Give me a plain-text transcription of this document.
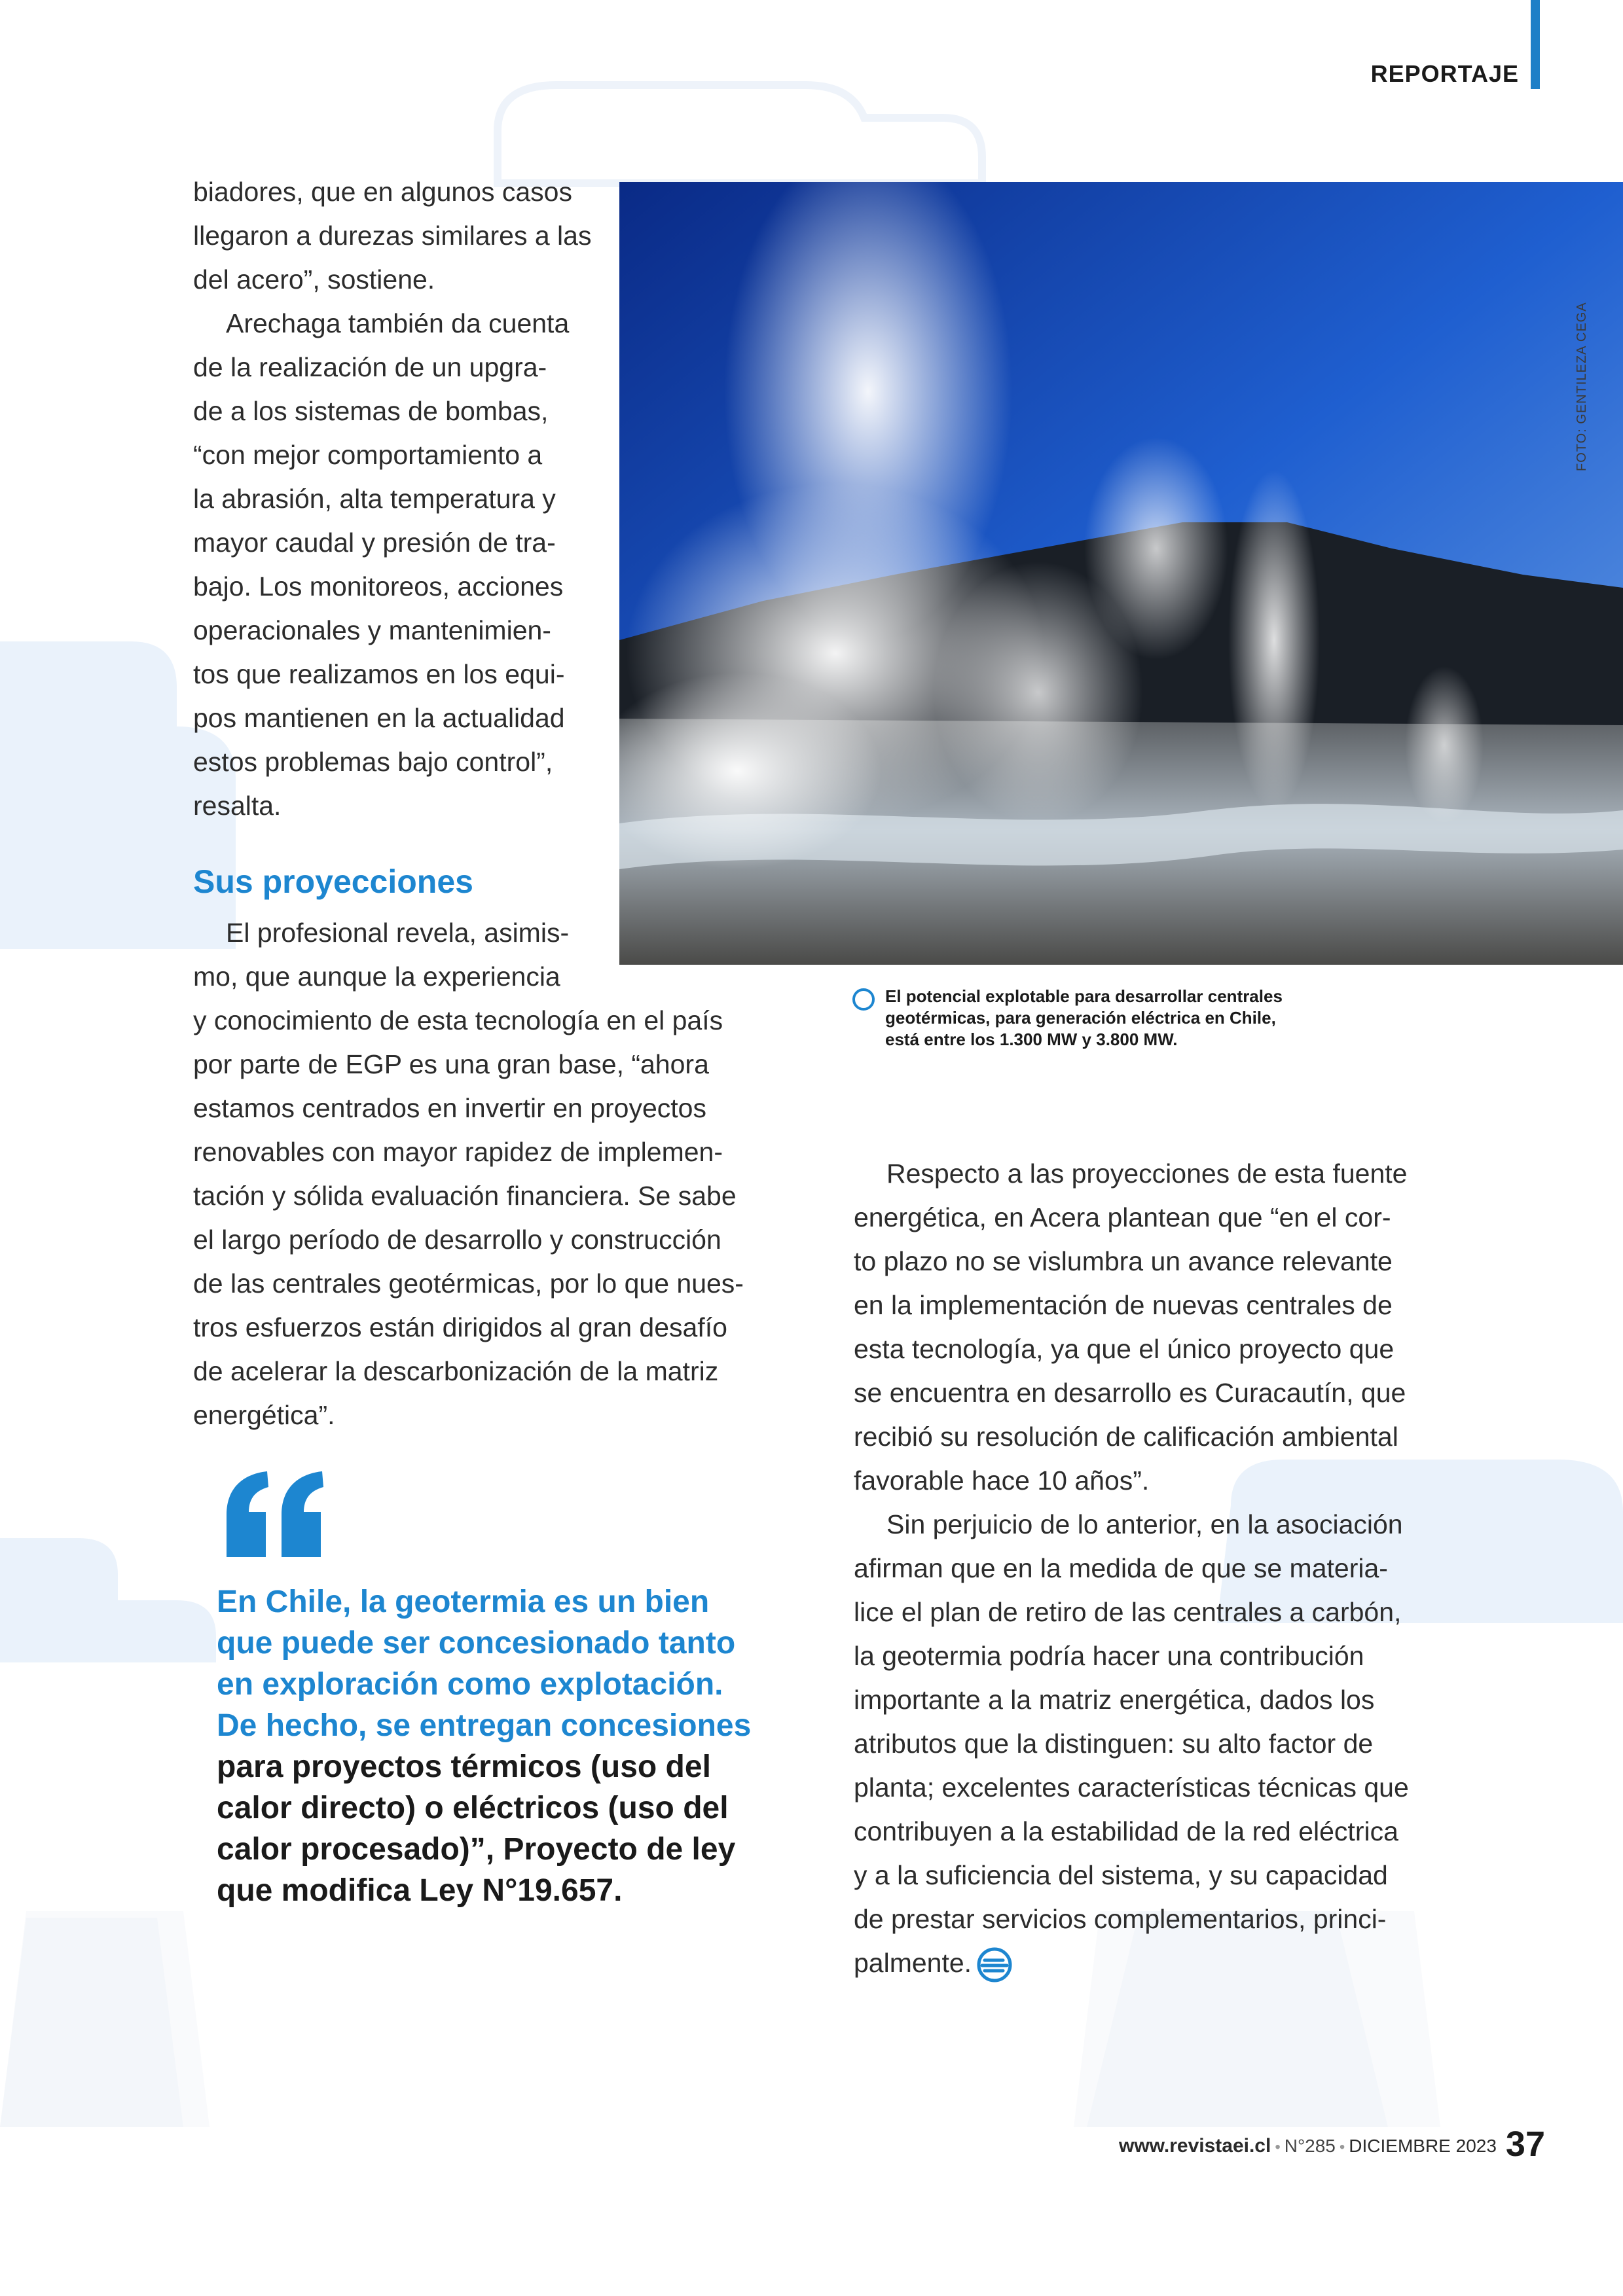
REPORTAJE
biadores, que en algunos casos
llegaron a durezas similares a las
del acero”, sostiene.
Arechaga también da cuenta
de la realización de un upgra-
de a los sistemas de bombas,
“con mejor comportamiento a
la abrasión, alta temperatura y
mayor caudal y presión de tra-
bajo. Los monitoreos, acciones
operacionales y mantenimien-
tos que realizamos en los equi-
pos mantienen en la actualidad
estos problemas bajo control”,
resalta.
Sus proyecciones
El profesional revela, asimis-
mo, que aunque la experiencia
y conocimiento de esta tecnología en el país
por parte de EGP es una gran base, “ahora
estamos centrados en invertir en proyectos
renovables con mayor rapidez de implemen-
tación y sólida evaluación financiera. Se sabe
el largo período de desarrollo y construcción
de las centrales geotérmicas, por lo que nues-
tros esfuerzos están dirigidos al gran desafío
de acelerar la descarbonización de la matriz
energética”.
FOTO: GENTILEZA CEGA
El potencial explotable para desarrollar centrales
geotérmicas, para generación eléctrica en Chile,
está entre los 1.300 MW y 3.800 MW.
En Chile, la geotermia es un bien
que puede ser concesionado tanto
en exploración como explotación.
De hecho, se entregan concesiones
para proyectos térmicos (uso del
calor directo) o eléctricos (uso del
calor procesado)”, Proyecto de ley
que modifica Ley N°19.657.
Respecto a las proyecciones de esta fuente
energética, en Acera plantean que “en el cor-
to plazo no se vislumbra un avance relevante
en la implementación de nuevas centrales de
esta tecnología, ya que el único proyecto que
se encuentra en desarrollo es Curacautín, que
recibió su resolución de calificación ambiental
favorable hace 10 años”.
Sin perjuicio de lo anterior, en la asociación
afirman que en la medida de que se materia-
lice el plan de retiro de las centrales a carbón,
la geotermia podría hacer una contribución
importante a la matriz energética, dados los
atributos que la distinguen: su alto factor de
planta; excelentes características técnicas que
contribuyen a la estabilidad de la red eléctrica
y a la suficiencia del sistema, y su capacidad
de prestar servicios complementarios, princi-
palmente.
www.revistaei.cl • N°285 • DICIEMBRE 2023 37
